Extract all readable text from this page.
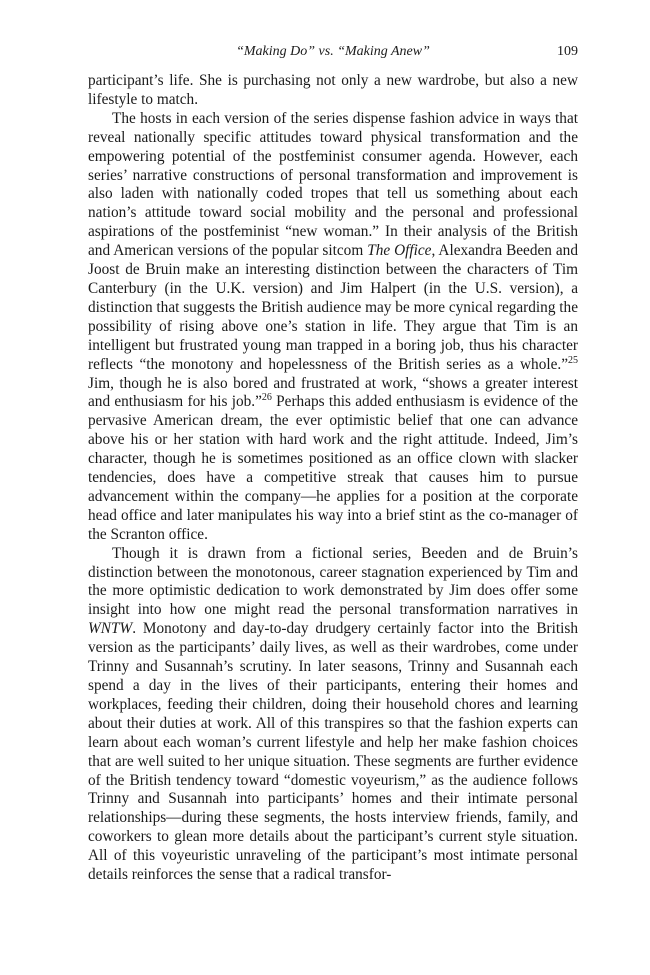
“Making Do” vs. “Making Anew”	109

participant’s life. She is purchasing not only a new wardrobe, but also a new lifestyle to match.

The hosts in each version of the series dispense fashion advice in ways that reveal nationally specific attitudes toward physical transformation and the empowering potential of the postfeminist consumer agenda. However, each series’ narrative constructions of personal transformation and improvement is also laden with nationally coded tropes that tell us something about each nation’s attitude toward social mobility and the personal and professional aspirations of the postfeminist “new woman.” In their analysis of the British and American versions of the popular sitcom The Office, Alexandra Beeden and Joost de Bruin make an interesting distinction between the characters of Tim Canterbury (in the U.K. version) and Jim Halpert (in the U.S. version), a distinction that suggests the British audience may be more cynical regarding the possibility of rising above one’s station in life. They argue that Tim is an intelligent but frustrated young man trapped in a boring job, thus his character reflects “the monotony and hopelessness of the British series as a whole.”$^{25}$ Jim, though he is also bored and frustrated at work, “shows a greater interest and enthusiasm for his job.”$^{26}$ Perhaps this added enthusiasm is evidence of the pervasive American dream, the ever optimistic belief that one can advance above his or her station with hard work and the right attitude. Indeed, Jim’s character, though he is sometimes positioned as an office clown with slacker tendencies, does have a competitive streak that causes him to pursue advancement within the company—he applies for a position at the corporate head office and later manipulates his way into a brief stint as the co-manager of the Scranton office.

Though it is drawn from a fictional series, Beeden and de Bruin’s distinction between the monotonous, career stagnation experienced by Tim and the more optimistic dedication to work demonstrated by Jim does offer some insight into how one might read the personal transformation narratives in WNTW. Monotony and day-to-day drudgery certainly factor into the British version as the participants’ daily lives, as well as their wardrobes, come under Trinny and Susannah’s scrutiny. In later seasons, Trinny and Susannah each spend a day in the lives of their participants, entering their homes and workplaces, feeding their children, doing their household chores and learning about their duties at work. All of this transpires so that the fashion experts can learn about each woman’s current lifestyle and help her make fashion choices that are well suited to her unique situation. These segments are further evidence of the British tendency toward “domestic voyeurism,” as the audience follows Trinny and Susannah into participants’ homes and their intimate personal relationships—during these segments, the hosts interview friends, family, and coworkers to glean more details about the participant’s current style situation. All of this voyeuristic unraveling of the participant’s most intimate personal details reinforces the sense that a radical transfor-
